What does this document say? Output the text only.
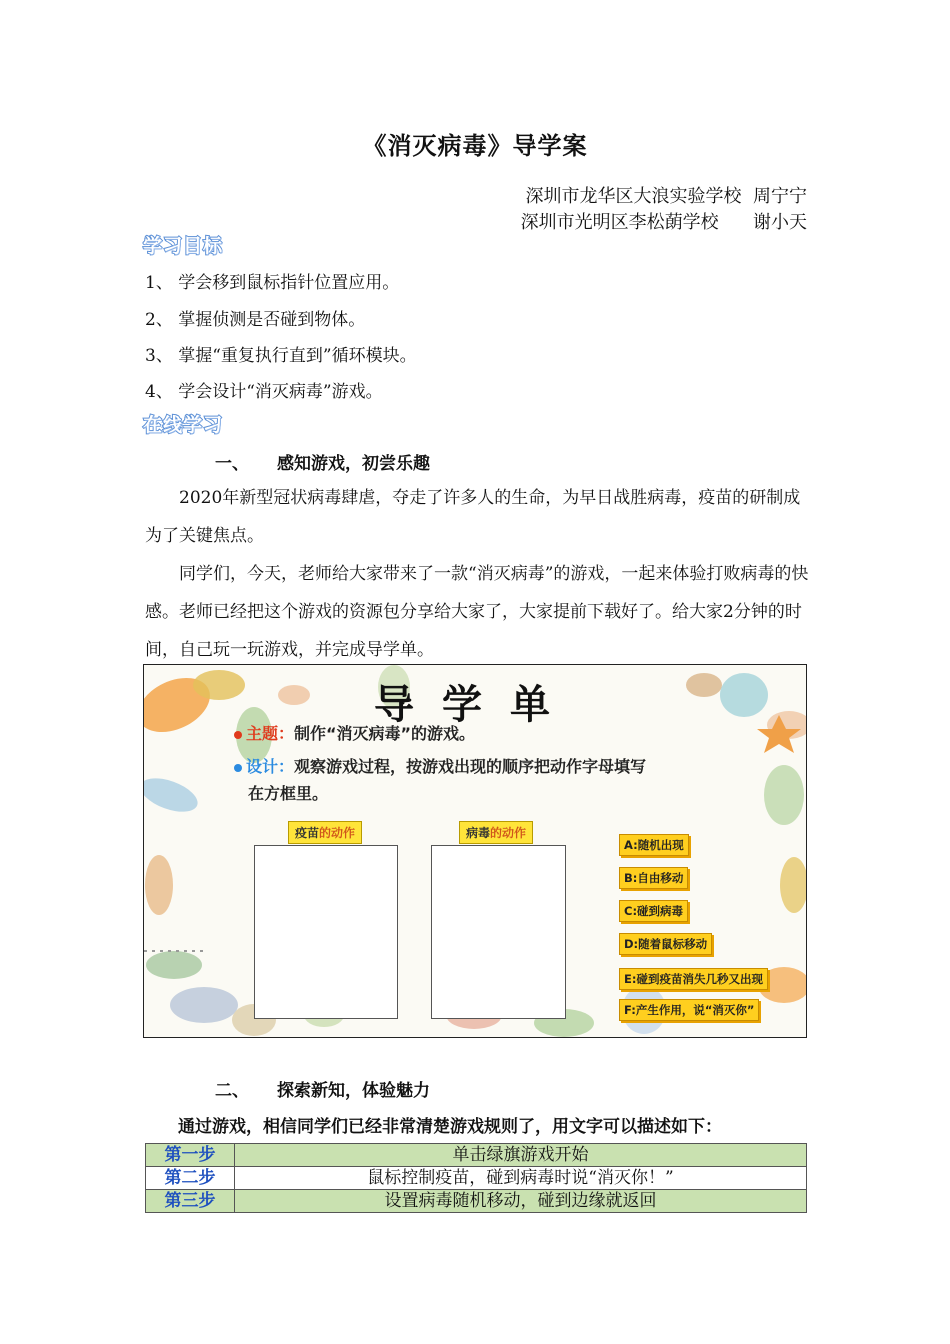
《消灭病毒》导学案
深圳市龙华区大浪实验学校  周宁宁
深圳市光明区李松蓢学校      谢小天
学习目标
1、 学会移到鼠标指针位置应用。
2、 掌握侦测是否碰到物体。
3、 掌握“重复执行直到”循环模块。
4、 学会设计“消灭病毒”游戏。
在线学习
一、 感知游戏，初尝乐趣

2020年新型冠状病毒肆虐，夺走了许多人的生命，为早日战胜病毒，疫苗的研制成为了关键焦点。

同学们，今天，老师给大家带来了一款“消灭病毒”的游戏，一起来体验打败病毒的快感。老师已经把这个游戏的资源包分享给大家了，大家提前下载好了。给大家2分钟的时间，自己玩一玩游戏，并完成导学单。

导学单
主题：制作“消灭病毒”的游戏。
设计：观察游戏过程，按游戏出现的顺序把动作字母填写
在方框里。
疫苗的动作	病毒的动作
A:随机出现
B:自由移动
C:碰到病毒
D:随着鼠标移动
E:碰到疫苗消失几秒又出现
F:产生作用，说“消灭你”
二、 探索新知，体验魅力
通过游戏，相信同学们已经非常清楚游戏规则了，用文字可以描述如下：
第一步	单击绿旗游戏开始
第二步	鼠标控制疫苗，碰到病毒时说“消灭你！”
第三步	设置病毒随机移动，碰到边缘就返回
